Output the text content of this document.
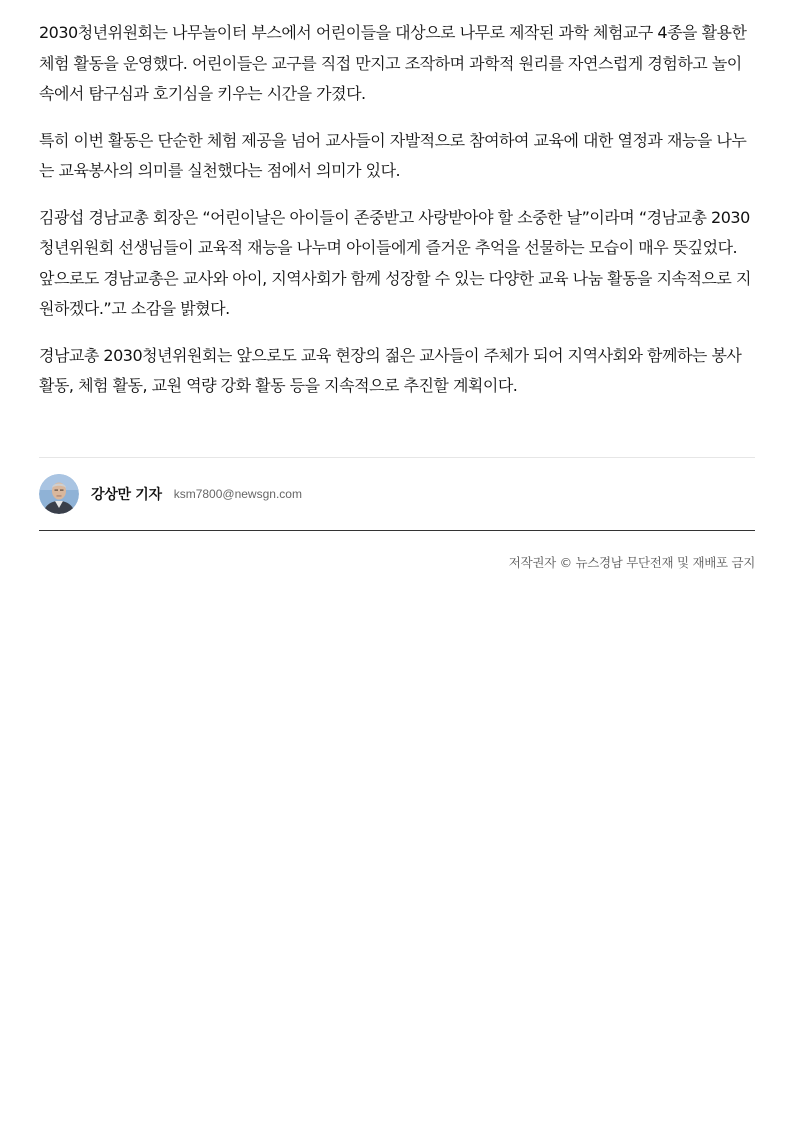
2030청년위원회는 나무놀이터 부스에서 어린이들을 대상으로 나무로 제작된 과학 체험교구 4종을 활용한 체험 활동을 운영했다. 어린이들은 교구를 직접 만지고 조작하며 과학적 원리를 자연스럽게 경험하고 놀이 속에서 탐구심과 호기심을 키우는 시간을 가졌다.

특히 이번 활동은 단순한 체험 제공을 넘어 교사들이 자발적으로 참여하여 교육에 대한 열정과 재능을 나누는 교육봉사의 의미를 실천했다는 점에서 의미가 있다.

김광섭 경남교총 회장은 “어린이날은 아이들이 존중받고 사랑받아야 할 소중한 날”이라며 “경남교총 2030청년위원회 선생님들이 교육적 재능을 나누며 아이들에게 즐거운 추억을 선물하는 모습이 매우 뜻깊었다. 앞으로도 경남교총은 교사와 아이, 지역사회가 함께 성장할 수 있는 다양한 교육 나눔 활동을 지속적으로 지원하겠다.”고 소감을 밝혔다.

경남교총 2030청년위원회는 앞으로도 교육 현장의 젊은 교사들이 주체가 되어 지역사회와 함께하는 봉사활동, 체험 활동, 교원 역량 강화 활동 등을 지속적으로 추진할 계획이다.

강상만 기자 ksm7800@newsgn.com
저작권자 © 뉴스경남 무단전재 및 재배포 금지
